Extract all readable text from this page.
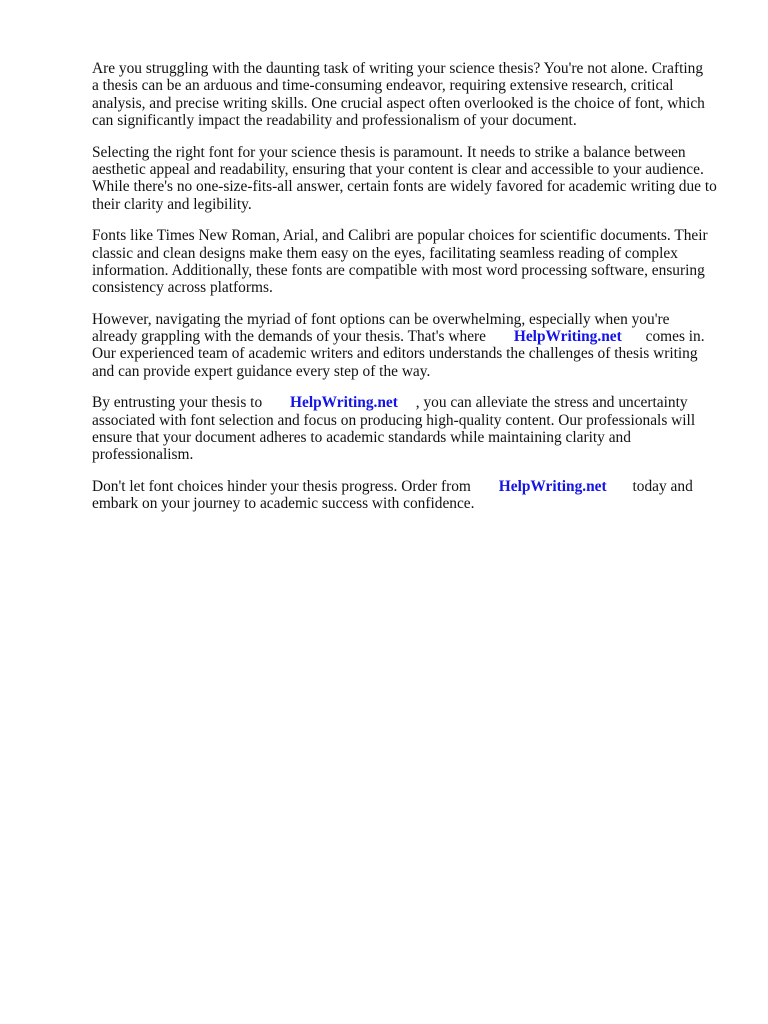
Are you struggling with the daunting task of writing your science thesis? You're not alone. Crafting
a thesis can be an arduous and time-consuming endeavor, requiring extensive research, critical
analysis, and precise writing skills. One crucial aspect often overlooked is the choice of font, which
can significantly impact the readability and professionalism of your document.
Selecting the right font for your science thesis is paramount. It needs to strike a balance between
aesthetic appeal and readability, ensuring that your content is clear and accessible to your audience.
While there's no one-size-fits-all answer, certain fonts are widely favored for academic writing due to
their clarity and legibility.
Fonts like Times New Roman, Arial, and Calibri are popular choices for scientific documents. Their
classic and clean designs make them easy on the eyes, facilitating seamless reading of complex
information. Additionally, these fonts are compatible with most word processing software, ensuring
consistency across platforms.
However, navigating the myriad of font options can be overwhelming, especially when you're
already grappling with the demands of your thesis. That's where HelpWriting.net comes in.
Our experienced team of academic writers and editors understands the challenges of thesis writing
and can provide expert guidance every step of the way.
By entrusting your thesis to HelpWriting.net , you can alleviate the stress and uncertainty
associated with font selection and focus on producing high-quality content. Our professionals will
ensure that your document adheres to academic standards while maintaining clarity and
professionalism.
Don't let font choices hinder your thesis progress. Order from HelpWriting.net today and
embark on your journey to academic success with confidence.
